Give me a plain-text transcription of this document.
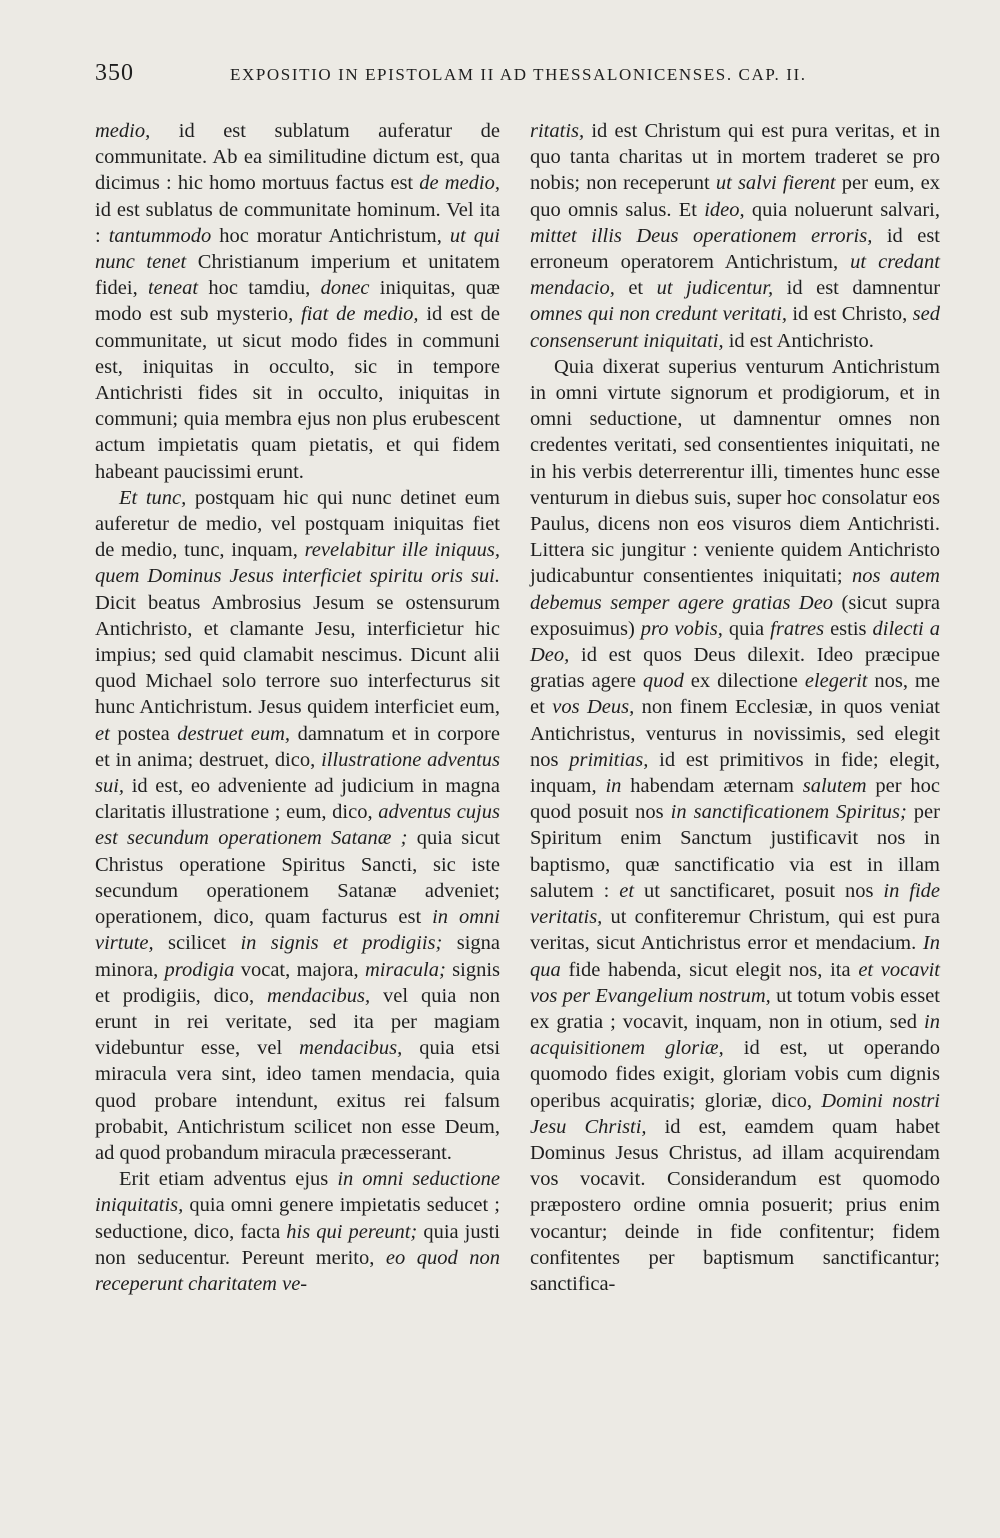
350	EXPOSITIO IN EPISTOLAM II AD THESSALONICENSES. CAP. II.

medio, id est sublatum auferatur de communitate. Ab ea similitudine dictum est, qua dicimus : hic homo mortuus factus est de medio, id est sublatus de communitate hominum. Vel ita : tantummodo hoc moratur Antichristum, ut qui nunc tenet Christianum imperium et unitatem fidei, teneat hoc tamdiu, donec iniquitas, quæ modo est sub mysterio, fiat de medio, id est de communitate, ut sicut modo fides in communi est, iniquitas in occulto, sic in tempore Antichristi fides sit in occulto, iniquitas in communi; quia membra ejus non plus erubescent actum impietatis quam pietatis, et qui fidem habeant paucissimi erunt.

Et tunc, postquam hic qui nunc detinet eum auferetur de medio, vel postquam iniquitas fiet de medio, tunc, inquam, revelabitur ille iniquus, quem Dominus Jesus interficiet spiritu oris sui. Dicit beatus Ambrosius Jesum se ostensurum Antichristo, et clamante Jesu, interficietur hic impius; sed quid clamabit nescimus. Dicunt alii quod Michael solo terrore suo interfecturus sit hunc Antichristum. Jesus quidem interficiet eum, et postea destruet eum, damnatum et in corpore et in anima; destruet, dico, illustratione adventus sui, id est, eo adveniente ad judicium in magna claritatis illustratione ; eum, dico, adventus cujus est secundum operationem Satanæ ; quia sicut Christus operatione Spiritus Sancti, sic iste secundum operationem Satanæ adveniet; operationem, dico, quam facturus est in omni virtute, scilicet in signis et prodigiis; signa minora, prodigia vocat, majora, miracula; signis et prodigiis, dico, mendacibus, vel quia non erunt in rei veritate, sed ita per magiam videbuntur esse, vel mendacibus, quia etsi miracula vera sint, ideo tamen mendacia, quia quod probare intendunt, exitus rei falsum probabit, Antichristum scilicet non esse Deum, ad quod probandum miracula præcesserant.

Erit etiam adventus ejus in omni seductione iniquitatis, quia omni genere impietatis seducet ; seductione, dico, facta his qui pereunt; quia justi non seducentur. Pereunt merito, eo quod non receperunt charitatem ve-

ritatis, id est Christum qui est pura veritas, et in quo tanta charitas ut in mortem traderet se pro nobis; non receperunt ut salvi fierent per eum, ex quo omnis salus. Et ideo, quia noluerunt salvari, mittet illis Deus operationem erroris, id est erroneum operatorem Antichristum, ut credant mendacio, et ut judicentur, id est damnentur omnes qui non credunt veritati, id est Christo, sed consenserunt iniquitati, id est Antichristo.

Quia dixerat superius venturum Antichristum in omni virtute signorum et prodigiorum, et in omni seductione, ut damnentur omnes non credentes veritati, sed consentientes iniquitati, ne in his verbis deterrerentur illi, timentes hunc esse venturum in diebus suis, super hoc consolatur eos Paulus, dicens non eos visuros diem Antichristi. Littera sic jungitur : veniente quidem Antichristo judicabuntur consentientes iniquitati; nos autem debemus semper agere gratias Deo (sicut supra exposuimus) pro vobis, quia fratres estis dilecti a Deo, id est quos Deus dilexit. Ideo præcipue gratias agere quod ex dilectione elegerit nos, me et vos Deus, non finem Ecclesiæ, in quos veniat Antichristus, venturus in novissimis, sed elegit nos primitias, id est primitivos in fide; elegit, inquam, in habendam æternam salutem per hoc quod posuit nos in sanctificationem Spiritus; per Spiritum enim Sanctum justificavit nos in baptismo, quæ sanctificatio via est in illam salutem : et ut sanctificaret, posuit nos in fide veritatis, ut confiteremur Christum, qui est pura veritas, sicut Antichristus error et mendacium. In qua fide habenda, sicut elegit nos, ita et vocavit vos per Evangelium nostrum, ut totum vobis esset ex gratia ; vocavit, inquam, non in otium, sed in acquisitionem gloriæ, id est, ut operando quomodo fides exigit, gloriam vobis cum dignis operibus acquiratis; gloriæ, dico, Domini nostri Jesu Christi, id est, eamdem quam habet Dominus Jesus Christus, ad illam acquirendam vos vocavit. Considerandum est quomodo præpostero ordine omnia posuerit; prius enim vocantur; deinde in fide confitentur; fidem confitentes per baptismum sanctificantur; sanctifica-
